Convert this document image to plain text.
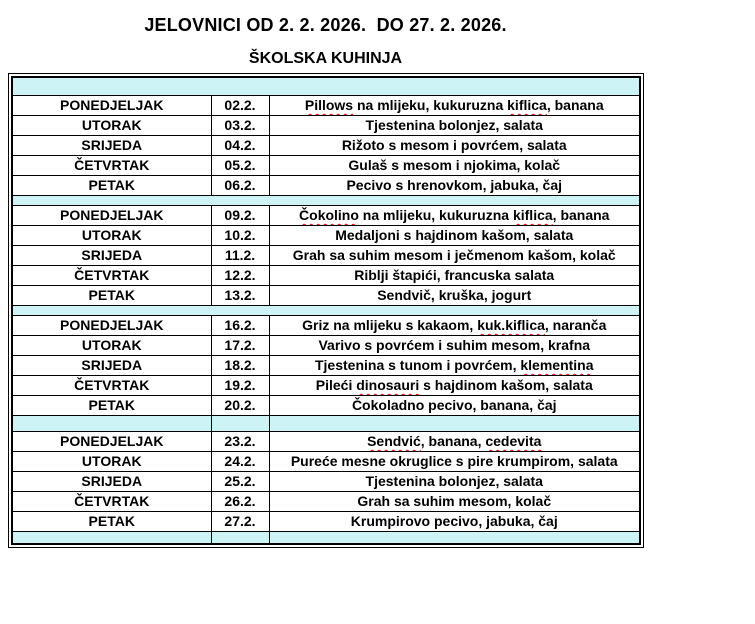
JELOVNICI OD 2. 2. 2026.  DO 27. 2. 2026.
ŠKOLSKA KUHINJA

PONEDJELJAK	02.2.	Pillows na mlijeku, kukuruzna kiflica, banana
UTORAK	03.2.	Tjestenina bolonjez, salata
SRIJEDA	04.2.	Rižoto s mesom i povrćem, salata
ČETVRTAK	05.2.	Gulaš s mesom i njokima, kolač
PETAK	06.2.	Pecivo s hrenovkom, jabuka, čaj

PONEDJELJAK	09.2.	Čokolino na mlijeku, kukuruzna kiflica, banana
UTORAK	10.2.	Medaljoni s hajdinom kašom, salata
SRIJEDA	11.2.	Grah sa suhim mesom i ječmenom kašom, kolač
ČETVRTAK	12.2.	Riblji štapići, francuska salata
PETAK	13.2.	Sendvič, kruška, jogurt

PONEDJELJAK	16.2.	Griz na mlijeku s kakaom, kuk.kiflica, naranča
UTORAK	17.2.	Varivo s povrćem i suhim mesom, krafna
SRIJEDA	18.2.	Tjestenina s tunom i povrćem, klementina
ČETVRTAK	19.2.	Pileći dinosauri s hajdinom kašom, salata
PETAK	20.2.	Čokoladno pecivo, banana, čaj

PONEDJELJAK	23.2.	Sendvić, banana, cedevita
UTORAK	24.2.	Pureće mesne okruglice s pire krumpirom, salata
SRIJEDA	25.2.	Tjestenina bolonjez, salata
ČETVRTAK	26.2.	Grah sa suhim mesom, kolač
PETAK	27.2.	Krumpirovo pecivo, jabuka, čaj
